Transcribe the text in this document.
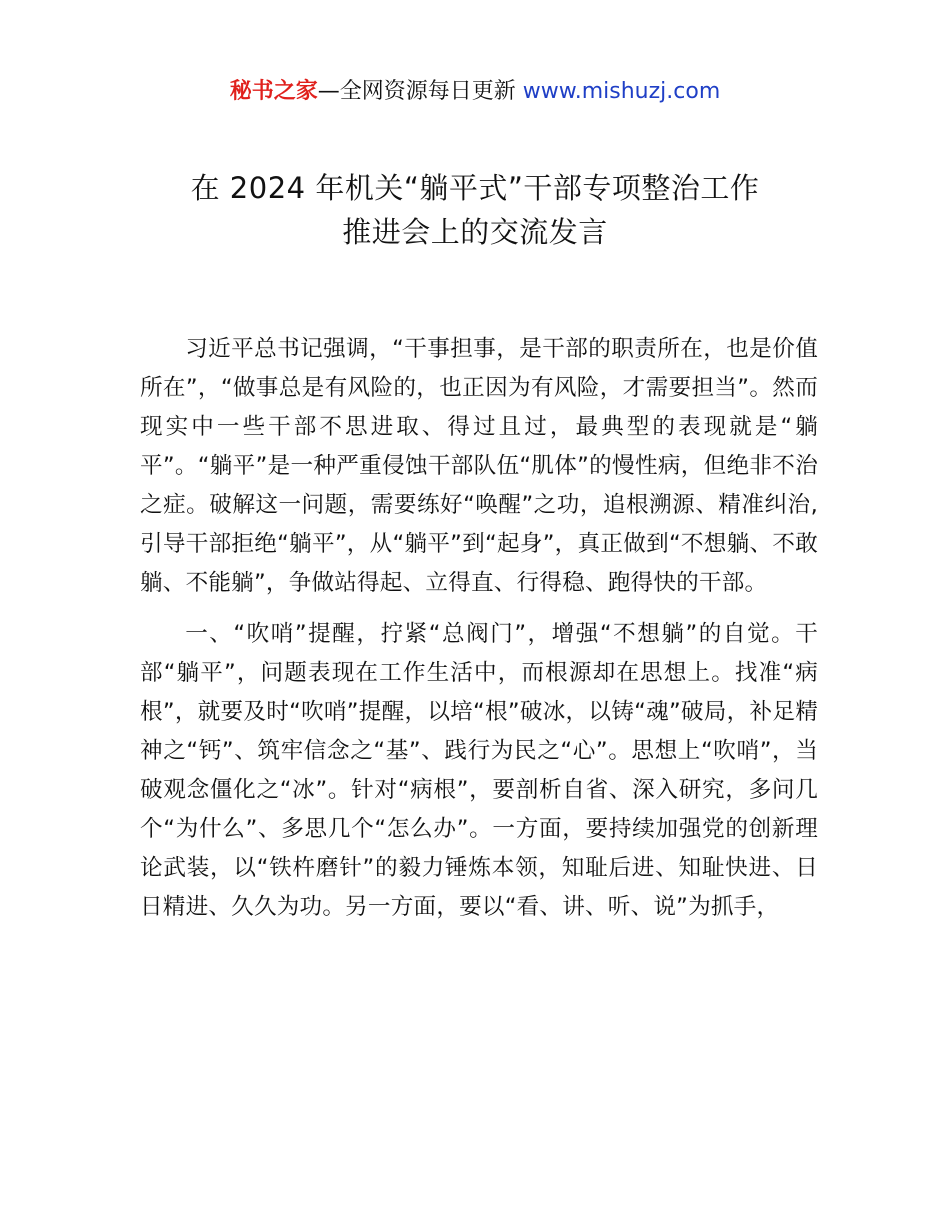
秘书之家—全网资源每日更新 www.mishuzj.com
在 2024 年机关“躺平式”干部专项整治工作
推进会上的交流发言

习近平总书记强调，“干事担事，是干部的职责所在，也是价值所在”，“做事总是有风险的，也正因为有风险，才需要担当”。然而现实中一些干部不思进取、得过且过，最典型的表现就是“躺平”。“躺平”是一种严重侵蚀干部队伍“肌体”的慢性病，但绝非不治之症。破解这一问题，需要练好“唤醒”之功，追根溯源、精准纠治,引导干部拒绝“躺平”，从“躺平”到“起身”，真正做到“不想躺、不敢躺、不能躺”，争做站得起、立得直、行得稳、跑得快的干部。

一、“吹哨”提醒，拧紧“总阀门”，增强“不想躺”的自觉。干部“躺平”，问题表现在工作生活中，而根源却在思想上。找准“病根”，就要及时“吹哨”提醒，以培“根”破冰，以铸“魂”破局，补足精神之“钙”、筑牢信念之“基”、践行为民之“心”。思想上“吹哨”，当破观念僵化之“冰”。针对“病根”，要剖析自省、深入研究，多问几个“为什么”、多思几个“怎么办”。一方面，要持续加强党的创新理论武装，以“铁杵磨针”的毅力锤炼本领，知耻后进、知耻快进、日日精进、久久为功。另一方面，要以“看、讲、听、说”为抓手，
